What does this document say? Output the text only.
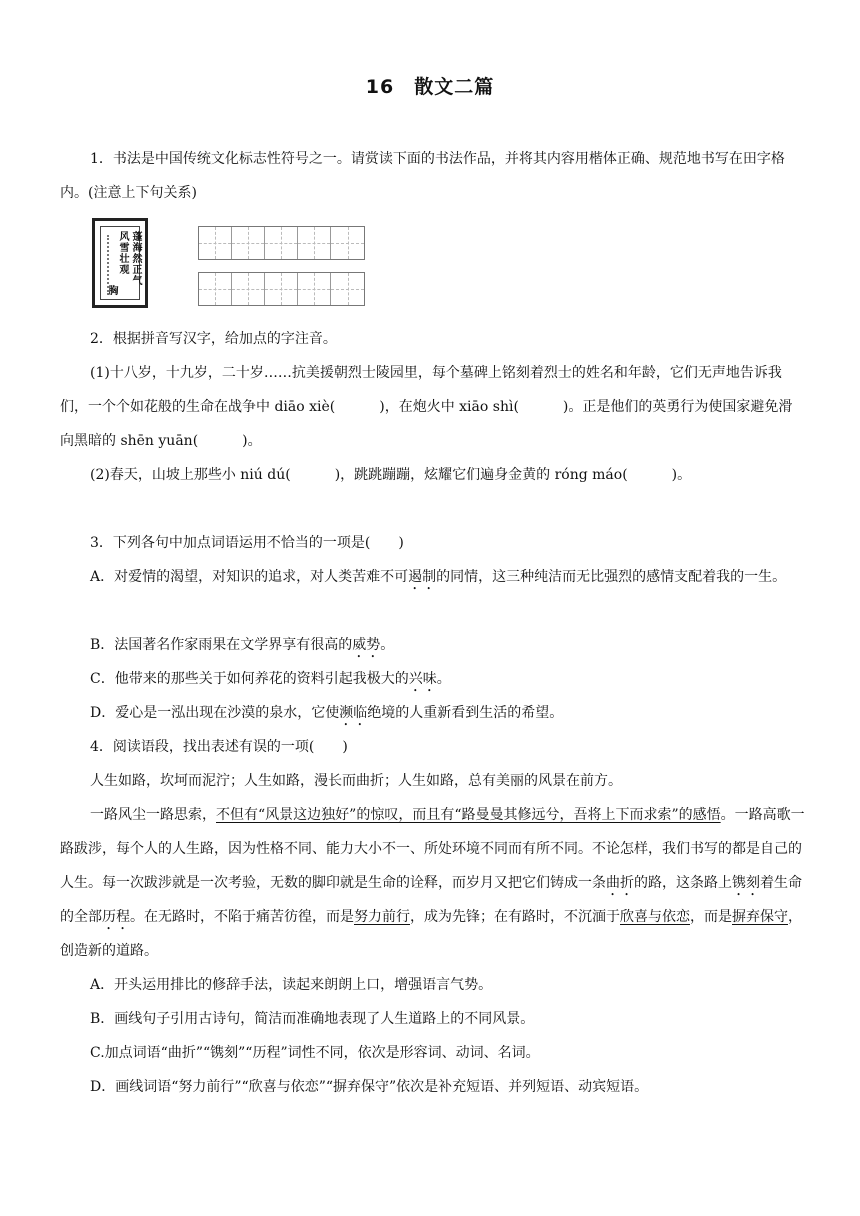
16　散文二篇
1．书法是中国传统文化标志性符号之一。请赏读下面的书法作品，并将其内容用楷体正确、规范地书写在田字格内。(注意上下句关系)
蓬海然正气
风雪壮观
胸
2．根据拼音写汉字，给加点的字注音。
(1)十八岁，十九岁，二十岁……抗美援朝烈士陵园里，每个墓碑上铭刻着烈士的姓名和年龄，它们无声地告诉我们，一个个如花般的生命在战争中 diāo xiè(	)，在炮火中 xiāo shì(	)。正是他们的英勇行为使国家避免滑向黑暗的 shēn yuān(	)。
(2)春天，山坡上那些小 niú dú(	)，跳跳蹦蹦，炫耀它们遍身金黄的 róng máo(	)。
3．下列各句中加点词语运用不恰当的一项是(　　)
A．对爱情的渴望，对知识的追求，对人类苦难不可遏制的同情，这三种纯洁而无比强烈的感情支配着我的一生。
B．法国著名作家雨果在文学界享有很高的威势。
C．他带来的那些关于如何养花的资料引起我极大的兴味。
D．爱心是一泓出现在沙漠的泉水，它使濒临绝境的人重新看到生活的希望。
4．阅读语段，找出表述有误的一项(　　)
人生如路，坎坷而泥泞；人生如路，漫长而曲折；人生如路，总有美丽的风景在前方。
一路风尘一路思索，不但有“风景这边独好”的惊叹，而且有“路曼曼其修远兮，吾将上下而求索”的感悟。一路高歌一路跋涉，每个人的人生路，因为性格不同、能力大小不一、所处环境不同而有所不同。不论怎样，我们书写的都是自己的人生。每一次跋涉就是一次考验，无数的脚印就是生命的诠释，而岁月又把它们铸成一条曲折的路，这条路上镌刻着生命的全部历程。在无路时，不陷于痛苦彷徨，而是努力前行，成为先锋；在有路时，不沉湎于欣喜与依恋，而是摒弃保守，创造新的道路。
A．开头运用排比的修辞手法，读起来朗朗上口，增强语言气势。
B．画线句子引用古诗句，简洁而准确地表现了人生道路上的不同风景。
C.加点词语“曲折”“镌刻”“历程”词性不同，依次是形容词、动词、名词。
D．画线词语“努力前行”“欣喜与依恋”“摒弃保守”依次是补充短语、并列短语、动宾短语。
